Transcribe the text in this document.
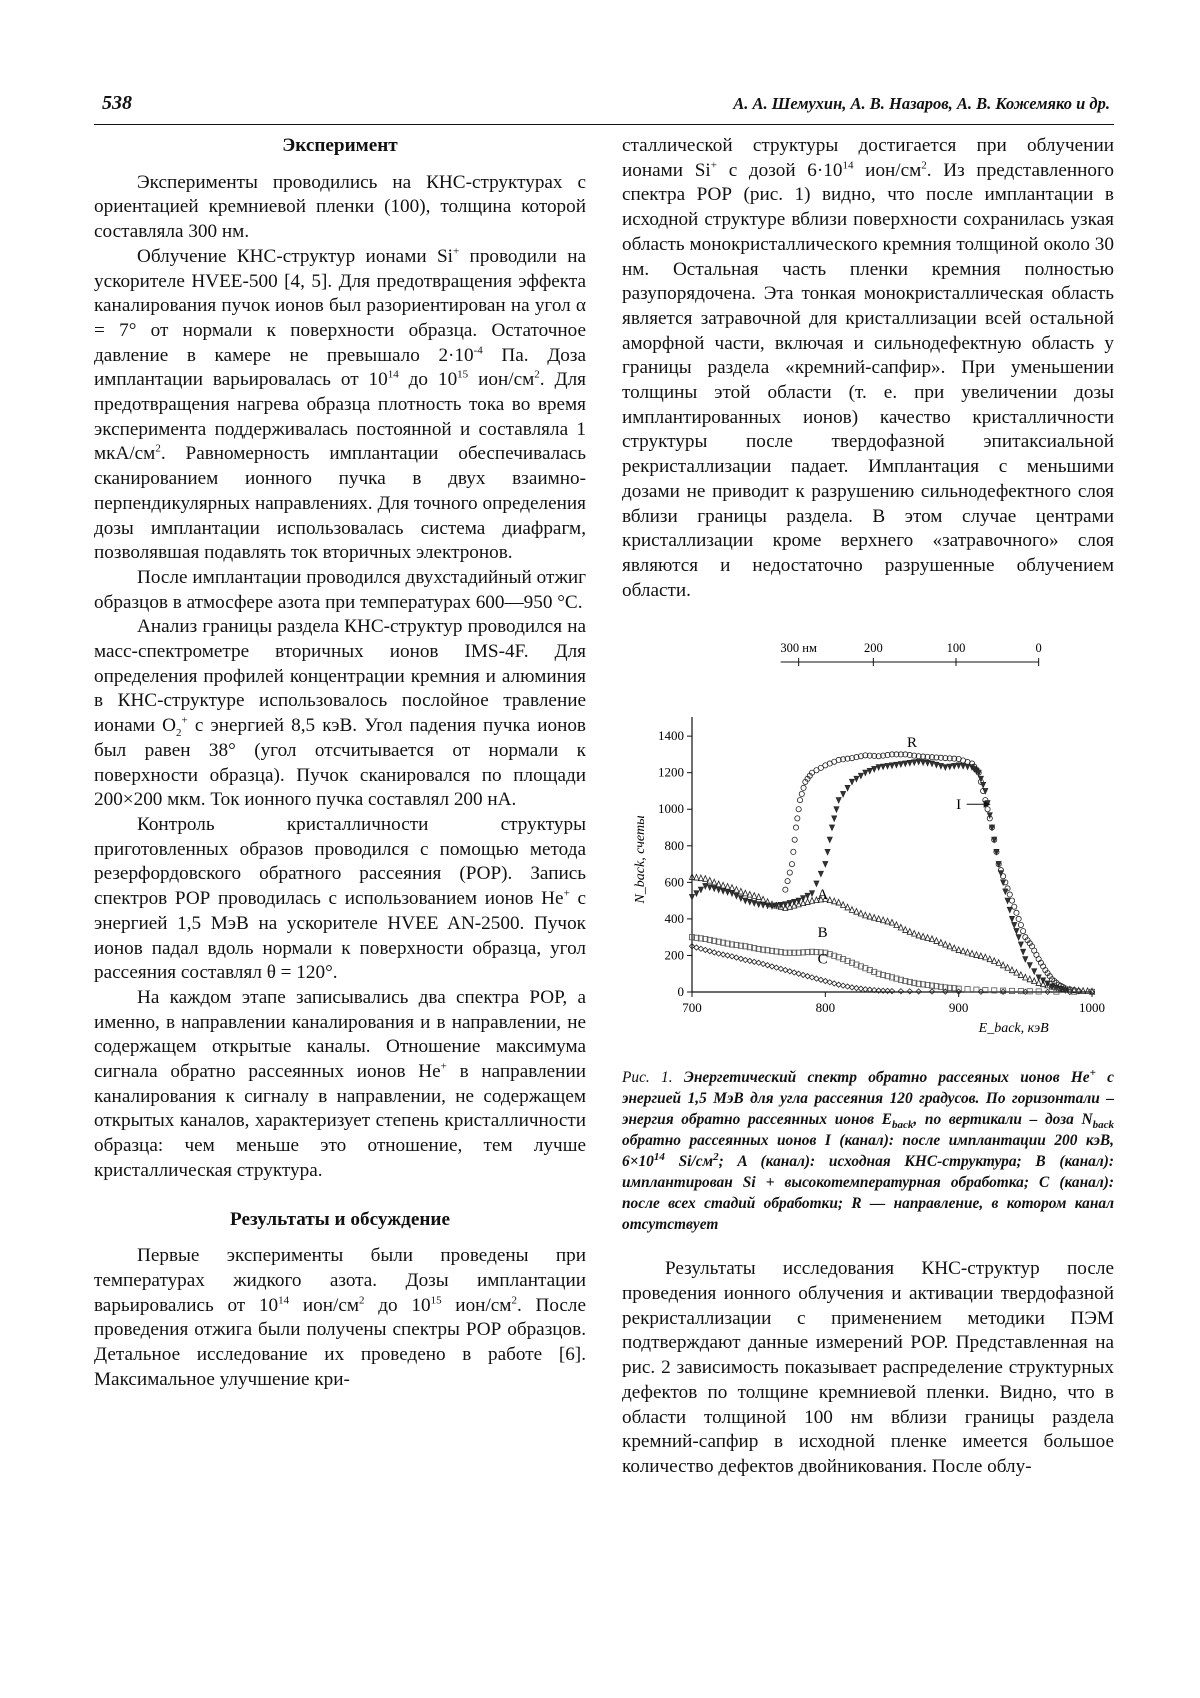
538	А. А. Шемухин, А. В. Назаров, А. В. Кожемяко и др.
Эксперимент

Эксперименты проводились на КНС-структурах с ориентацией кремниевой пленки (100), толщина которой составляла 300 нм.

Облучение КНС-структур ионами Si+ проводили на ускорителе HVEE-500 [4, 5]. Для предотвращения эффекта каналирования пучок ионов был разориентирован на угол α = 7° от нормали к поверхности образца. Остаточное давление в камере не превышало $2\cdot 10^{-4}$ Па. Доза имплантации варьировалась от $10^{14}$ до $10^{15}$ ион/$см^2$. Для предотвращения нагрева образца плотность тока во время эксперимента поддерживалась постоянной и составляла 1 мкА/$см^2$. Равномерность имплантации обеспечивалась сканированием ионного пучка в двух взаимно-перпендикулярных направлениях. Для точного определения дозы имплантации использовалась система диафрагм, позволявшая подавлять ток вторичных электронов.

После имплантации проводился двухстадийный отжиг образцов в атмосфере азота при температурах 600—950 °С.

Анализ границы раздела КНС-структур проводился на масс-спектрометре вторичных ионов IMS-4F. Для определения профилей концентрации кремния и алюминия в КНС-структуре использовалось послойное травление ионами $O_2^+$ с энергией 8,5 кэВ. Угол падения пучка ионов был равен 38° (угол отсчитывается от нормали к поверхности образца). Пучок сканировался по площади 200×200 мкм. Ток ионного пучка составлял 200 нА.

Контроль кристалличности структуры приготовленных образов проводился с помощью метода резерфордовского обратного рассеяния (РОР). Запись спектров РОР проводилась с использованием ионов He+ с энергией 1,5 МэВ на ускорителе HVEE AN-2500. Пучок ионов падал вдоль нормали к поверхности образца, угол рассеяния составлял θ = 120°.

На каждом этапе записывались два спектра РОР, а именно, в направлении каналирования и в направлении, не содержащем открытые каналы. Отношение максимума сигнала обратно рассеянных ионов He+ в направлении каналирования к сигналу в направлении, не содержащем открытых каналов, характеризует степень кристалличности образца: чем меньше это отношение, тем лучше кристаллическая структура.

Результаты и обсуждение

Первые эксперименты были проведены при температурах жидкого азота. Дозы имплантации варьировались от $10^{14}$ ион/$см^2$ до $10^{15}$ ион/$см^2$. После проведения отжига были получены спектры РОР образцов. Детальное исследование их проведено в работе [6]. Максимальное улучшение кри-

сталлической структуры достигается при облучении ионами Si+ с дозой $6\cdot 10^{14}$ ион/$см^2$. Из представленного спектра РОР (рис. 1) видно, что после имплантации в исходной структуре вблизи поверхности сохранилась узкая область монокристаллического кремния толщиной около 30 нм. Остальная часть пленки кремния полностью разупорядочена. Эта тонкая монокристаллическая область является затравочной для кристаллизации всей остальной аморфной части, включая и сильнодефектную область у границы раздела «кремний-сапфир». При уменьшении толщины этой области (т. е. при увеличении дозы имплантированных ионов) качество кристалличности структуры после твердофазной эпитаксиальной рекристаллизации падает. Имплантация с меньшими дозами не приводит к разрушению сильнодефектного слоя вблизи границы раздела. В этом случае центрами кристаллизации кроме верхнего «затравочного» слоя являются и недостаточно разрушенные облучением области.

700	800	900	1000
0
200
400
600
800
1000
1200
1400
300 нм	200	100	0
E_back, кэВ
N_back, счеты
R
I
A
B
C

Рис. 1. Энергетический спектр обратно рассеяных ионов He+ с энергией 1,5 МэВ для угла рассеяния 120 градусов. По горизонтали – энергия обратно рассеянных ионов $E_{back}$, по вертикали – доза $N_{back}$ обратно рассеянных ионов I (канал): после имплантации 200 кэВ, $6\times 10^{14}$ $Si/см^2$; A (канал): исходная КНС-структура; B (канал): имплантирован Si + высокотемпературная обработка; C (канал): после всех стадий обработки; R — направление, в котором канал отсутствует

Результаты исследования КНС-структур после проведения ионного облучения и активации твердофазной рекристаллизации с применением методики ПЭМ подтверждают данные измерений РОР. Представленная на рис. 2 зависимость показывает распределение структурных дефектов по толщине кремниевой пленки. Видно, что в области толщиной 100 нм вблизи границы раздела кремний-сапфир в исходной пленке имеется большое количество дефектов двойникования. После облу-
